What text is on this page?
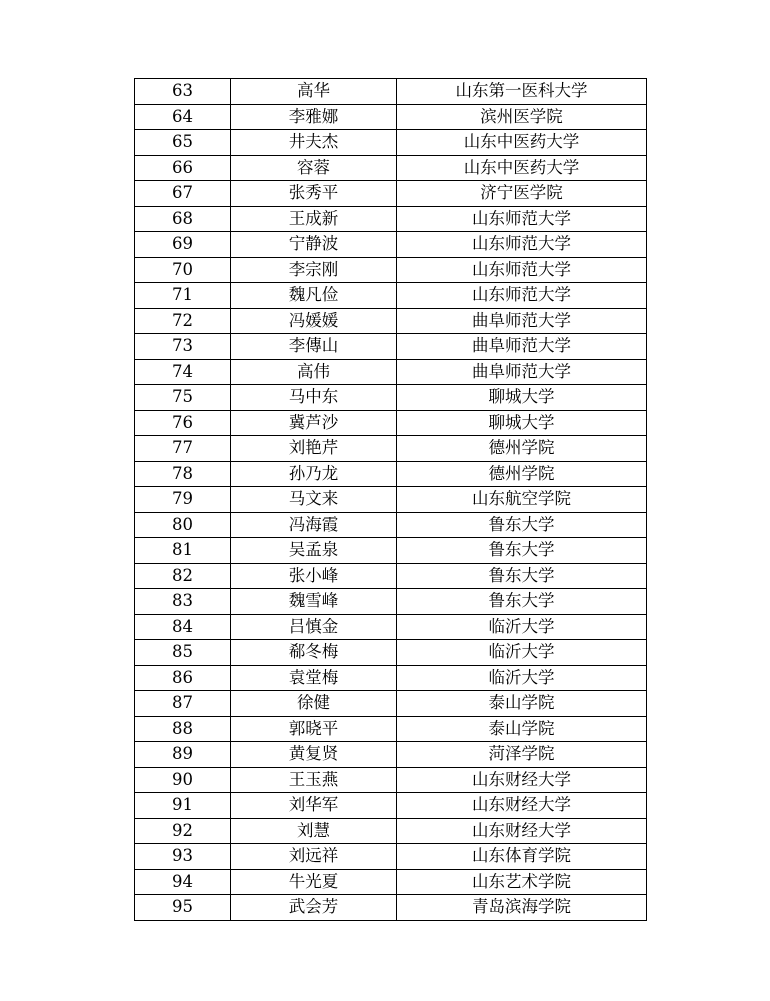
63	高华	山东第一医科大学
64	李雅娜	滨州医学院
65	井夫杰	山东中医药大学
66	容蓉	山东中医药大学
67	张秀平	济宁医学院
68	王成新	山东师范大学
69	宁静波	山东师范大学
70	李宗刚	山东师范大学
71	魏凡俭	山东师范大学
72	冯媛媛	曲阜师范大学
73	李傳山	曲阜师范大学
74	高伟	曲阜师范大学
75	马中东	聊城大学
76	冀芦沙	聊城大学
77	刘艳芹	德州学院
78	孙乃龙	德州学院
79	马文来	山东航空学院
80	冯海霞	鲁东大学
81	吴孟泉	鲁东大学
82	张小峰	鲁东大学
83	魏雪峰	鲁东大学
84	吕慎金	临沂大学
85	郗冬梅	临沂大学
86	袁堂梅	临沂大学
87	徐健	泰山学院
88	郭晓平	泰山学院
89	黄复贤	菏泽学院
90	王玉燕	山东财经大学
91	刘华军	山东财经大学
92	刘慧	山东财经大学
93	刘远祥	山东体育学院
94	牛光夏	山东艺术学院
95	武会芳	青岛滨海学院
